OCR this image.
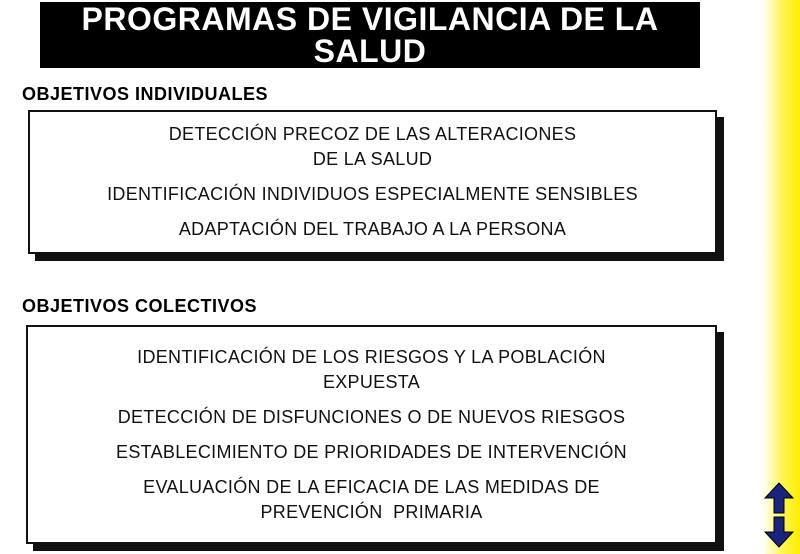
PROGRAMAS DE VIGILANCIA DE LA SALUD
OBJETIVOS INDIVIDUALES
DETECCIÓN PRECOZ DE LAS ALTERACIONES
DE LA SALUD
IDENTIFICACIÓN INDIVIDUOS ESPECIALMENTE SENSIBLES
ADAPTACIÓN DEL TRABAJO A LA PERSONA
OBJETIVOS COLECTIVOS
IDENTIFICACIÓN DE LOS RIESGOS Y LA POBLACIÓN
EXPUESTA
DETECCIÓN DE DISFUNCIONES O DE NUEVOS RIESGOS
ESTABLECIMIENTO DE PRIORIDADES DE INTERVENCIÓN
EVALUACIÓN DE LA EFICACIA DE LAS MEDIDAS DE
PREVENCIÓN  PRIMARIA
